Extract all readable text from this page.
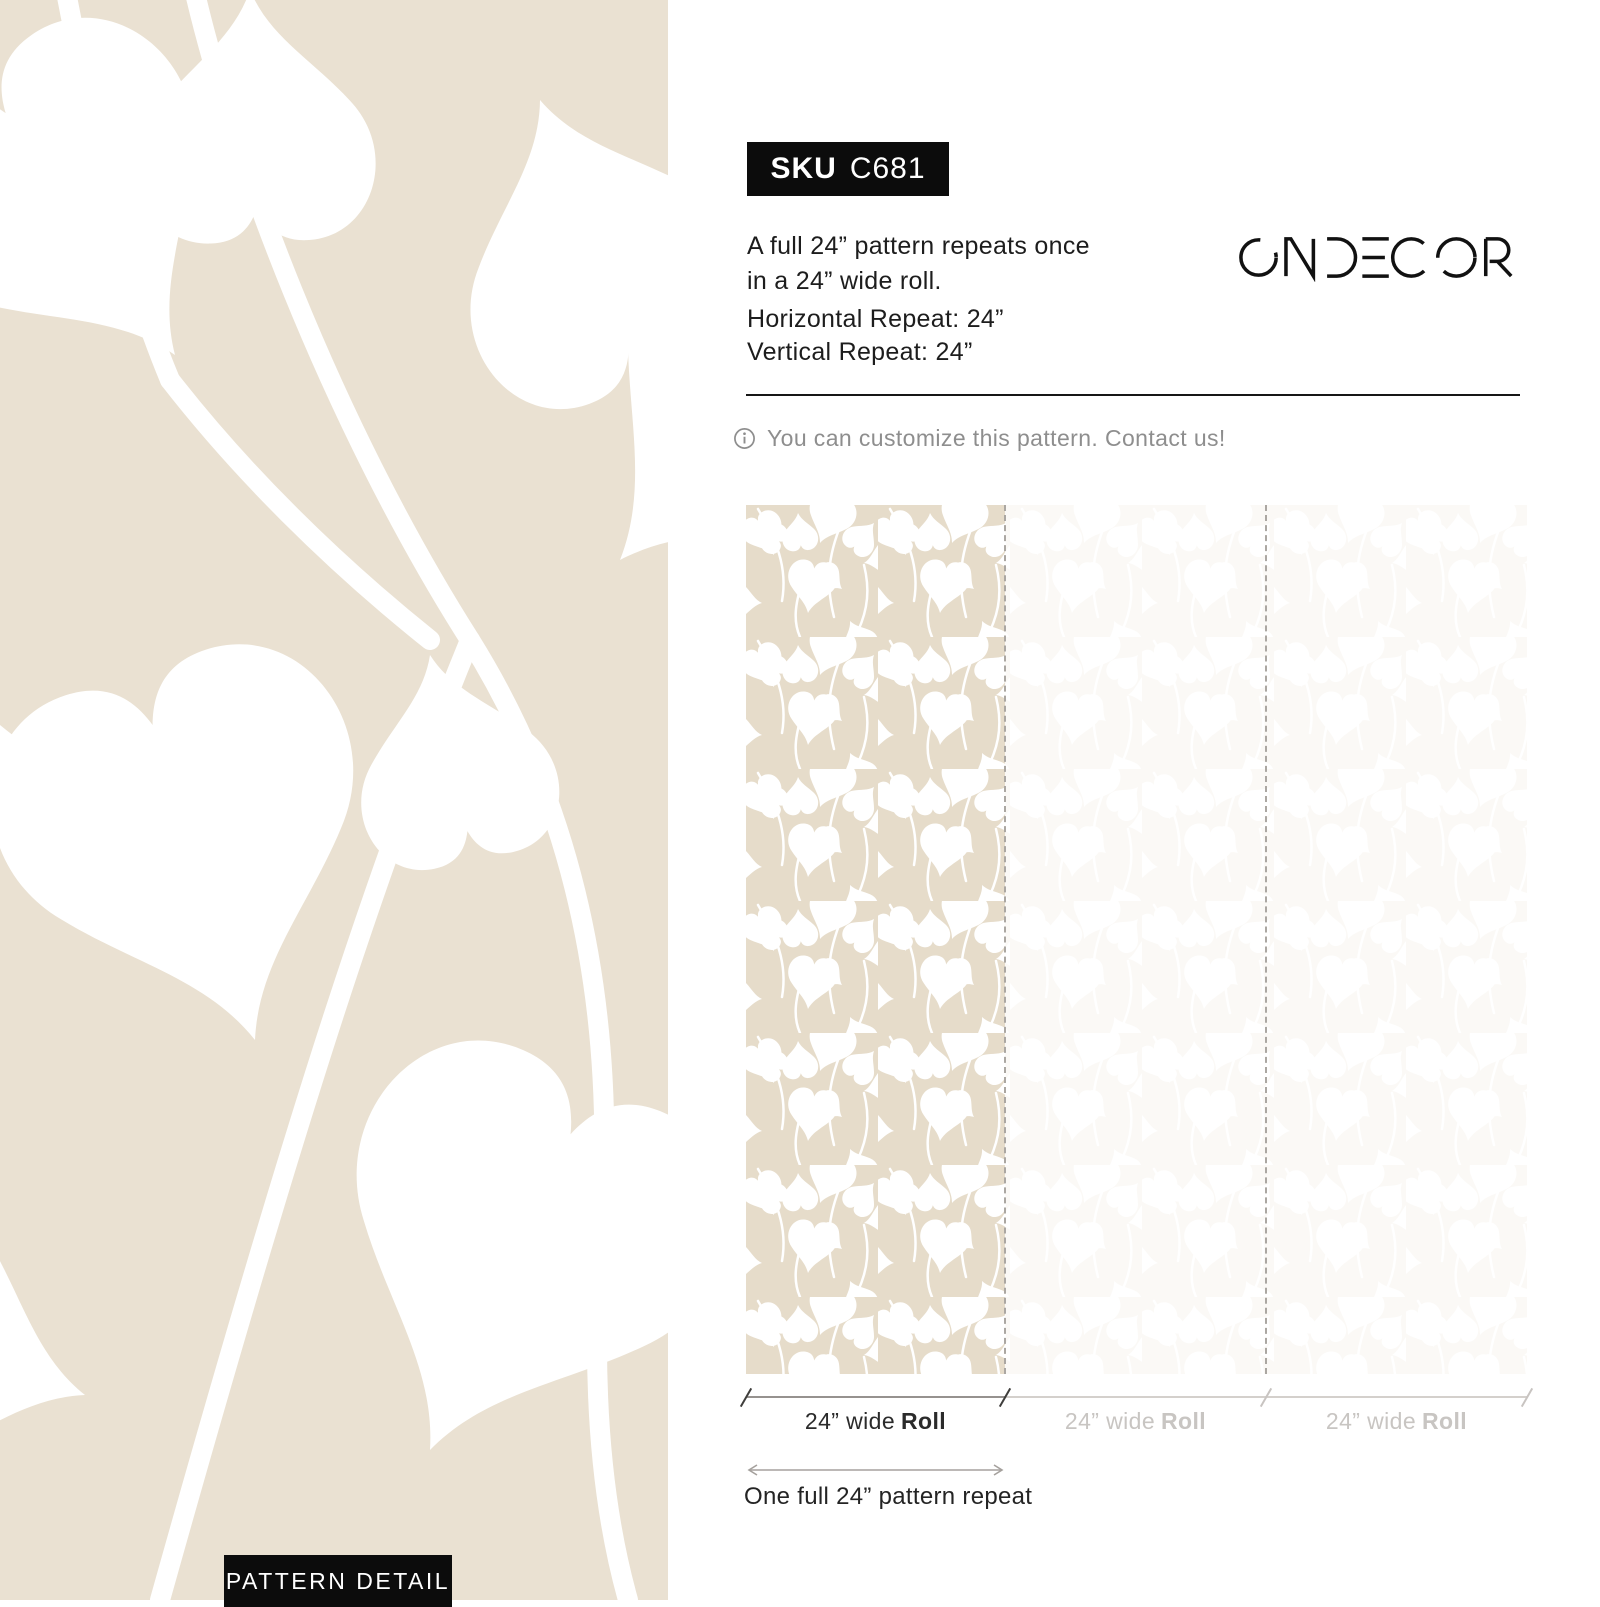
PATTERN DETAIL
SKU C681
A full 24” pattern repeats once
in a 24” wide roll.
Horizontal Repeat: 24”
Vertical Repeat: 24”
You can customize this pattern. Contact us!
24” wide Roll	24” wide Roll	24” wide Roll
One full 24” pattern repeat
